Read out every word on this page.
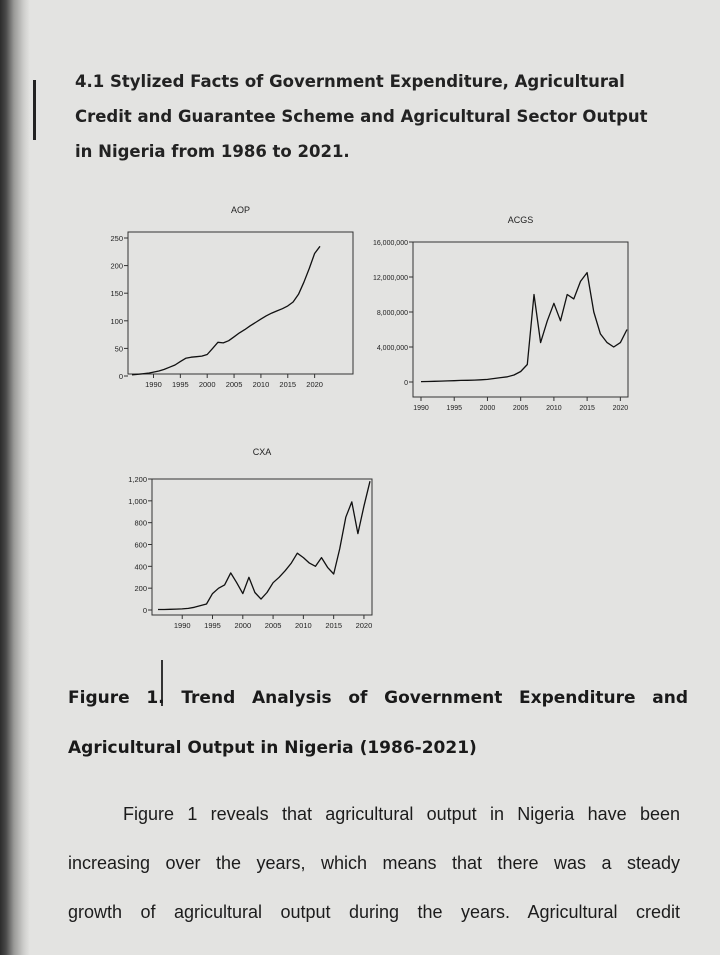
4.1 Stylized Facts of Government Expenditure, Agricultural
Credit and Guarantee Scheme and Agricultural Sector Output
in Nigeria from 1986 to 2021.
AOP
0
50
100
150
200
250
1990 1995 2000 2005 2010 2015 2020
ACGS
0
4,000,000
8,000,000
12,000,000
16,000,000
1990	1995	2000	2005	2010	2015	2020
CXA
0
200
400
600
800
1,000
1,200
1990 1995 2000 2005 2010 2015 2020
Figure 1. Trend Analysis of Government Expenditure and
Agricultural Output in Nigeria (1986-2021)
Figure 1 reveals that agricultural output in Nigeria have been
increasing over the years, which means that there was a steady
growth of agricultural output during the years. Agricultural credit
